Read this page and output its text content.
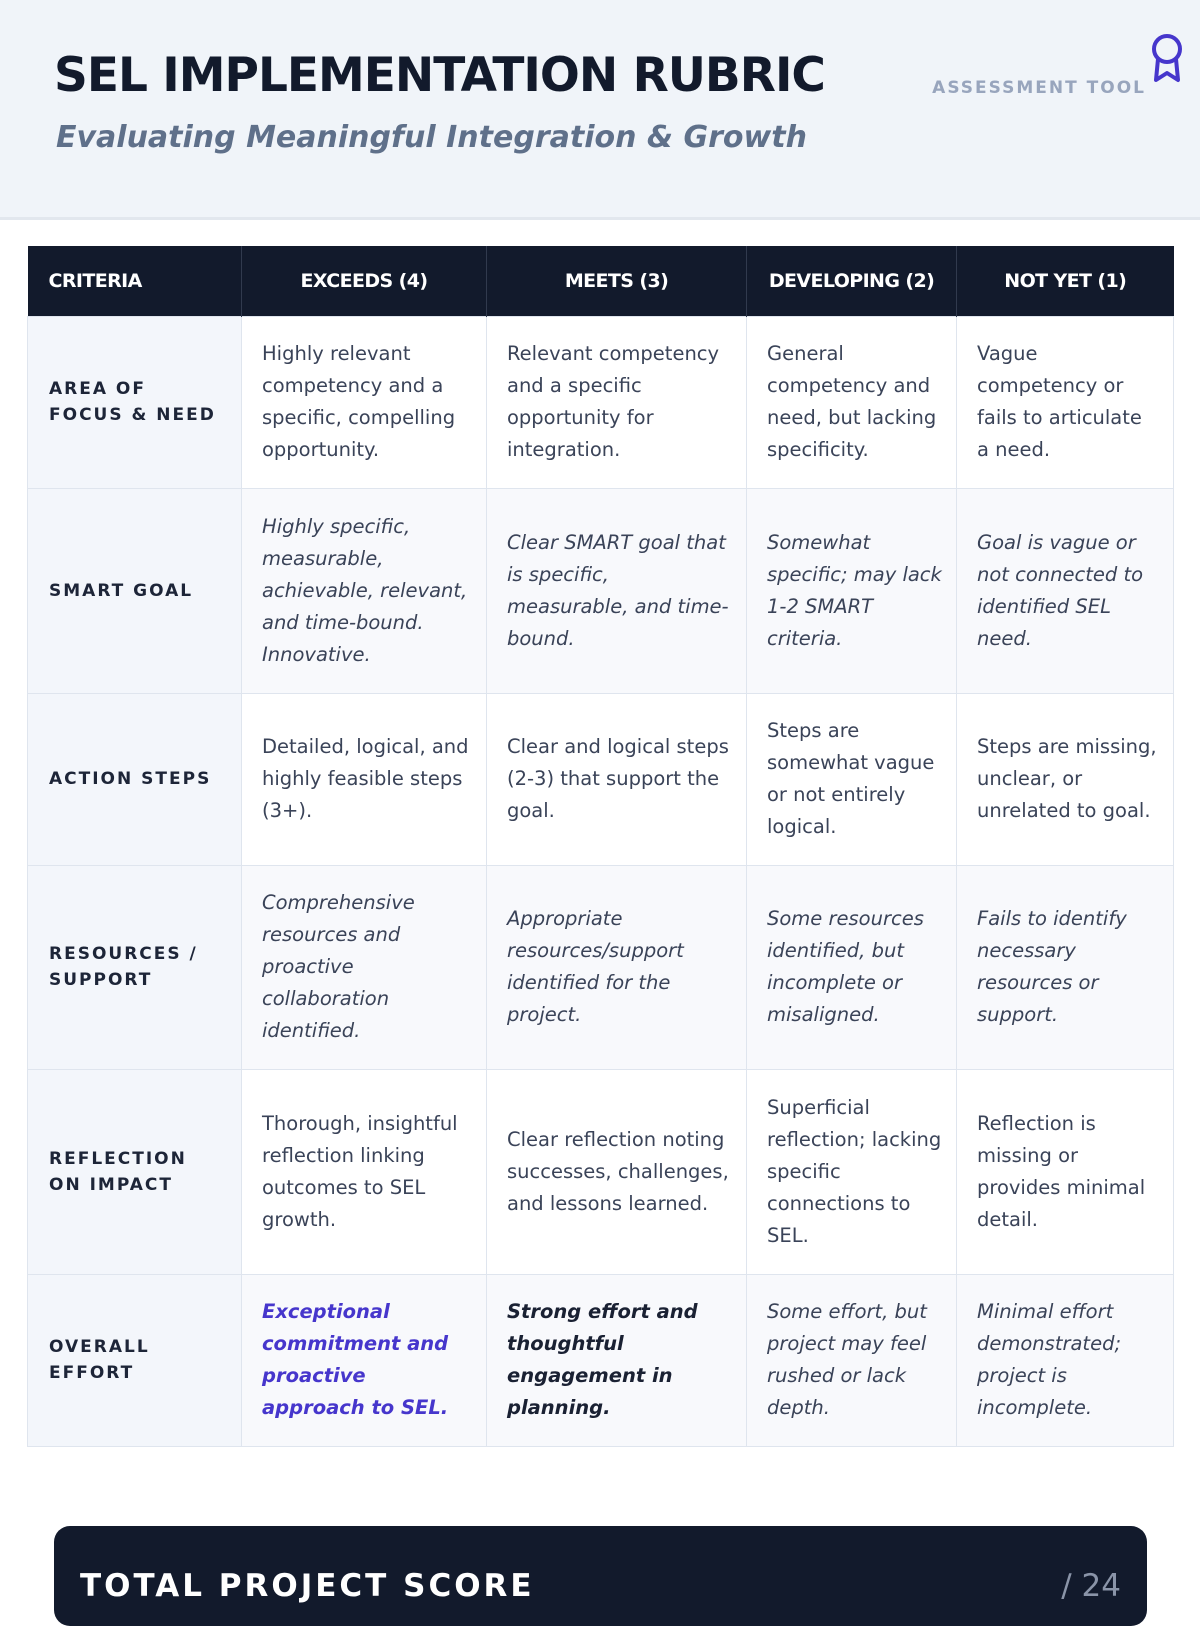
SEL IMPLEMENTATION RUBRIC
Evaluating Meaningful Integration & Growth
ASSESSMENT TOOL
CRITERIA	EXCEEDS (4)	MEETS (3)	DEVELOPING (2)	NOT YET (1)
AREA OF FOCUS & NEED	Highly relevant competency and a specific, compelling opportunity.	Relevant competency and a specific opportunity for integration.	General competency and need, but lacking specificity.	Vague competency or fails to articulate a need.
SMART GOAL	Highly specific, measurable, achievable, relevant, and time-bound. Innovative.	Clear SMART goal that is specific, measurable, and time-bound.	Somewhat specific; may lack 1-2 SMART criteria.	Goal is vague or not connected to identified SEL need.
ACTION STEPS	Detailed, logical, and highly feasible steps (3+).	Clear and logical steps (2-3) that support the goal.	Steps are somewhat vague or not entirely logical.	Steps are missing, unclear, or unrelated to goal.
RESOURCES / SUPPORT	Comprehensive resources and proactive collaboration identified.	Appropriate resources/support identified for the project.	Some resources identified, but incomplete or misaligned.	Fails to identify necessary resources or support.
REFLECTION ON IMPACT	Thorough, insightful reflection linking outcomes to SEL growth.	Clear reflection noting successes, challenges, and lessons learned.	Superficial reflection; lacking specific connections to SEL.	Reflection is missing or provides minimal detail.
OVERALL EFFORT	Exceptional commitment and proactive approach to SEL.	Strong effort and thoughtful engagement in planning.	Some effort, but project may feel rushed or lack depth.	Minimal effort demonstrated; project is incomplete.
TOTAL PROJECT SCORE	/ 24
